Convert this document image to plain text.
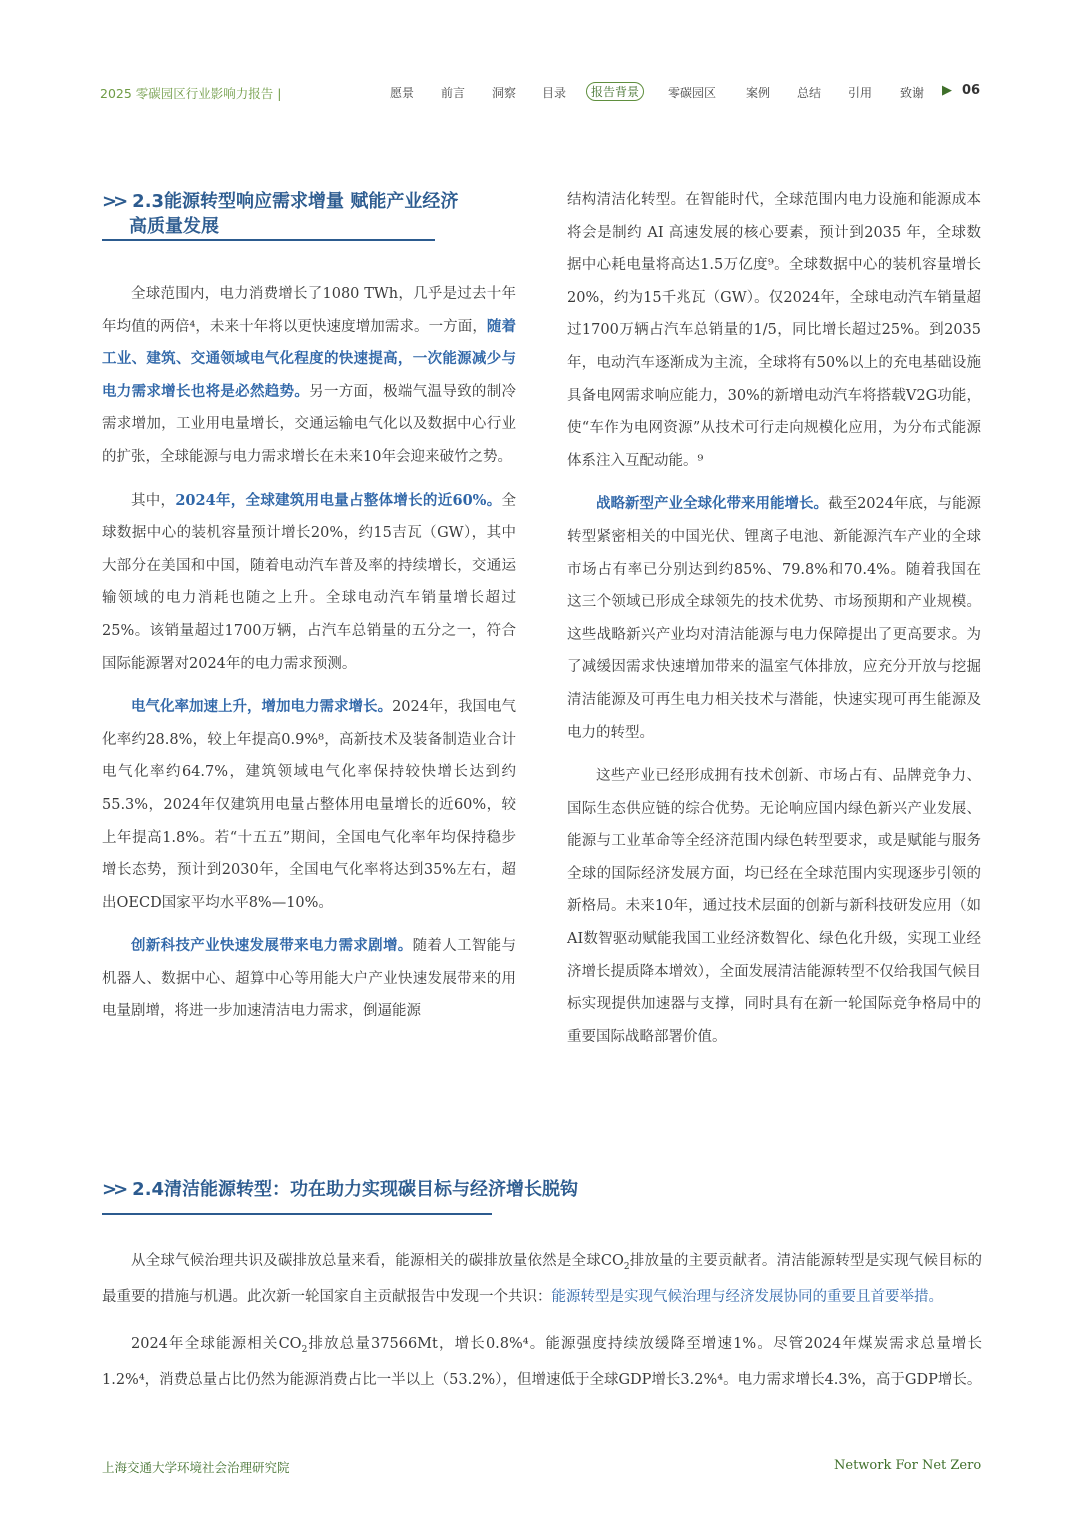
2025 零碳园区行业影响力报告 |	愿景 前言 洞察 目录	报告背景	零碳园区 案例 总结 引用 致谢 ▶ 06
>> 2.3能源转型响应需求增量 赋能产业经济
高质量发展

全球范围内，电力消费增长了1080 TWh，几乎是过去十年年均值的两倍⁴，未来十年将以更快速度增加需求。一方面，随着工业、建筑、交通领域电气化程度的快速提高，一次能源减少与电力需求增长也将是必然趋势。另一方面，极端气温导致的制冷需求增加，工业用电量增长，交通运输电气化以及数据中心行业的扩张，全球能源与电力需求增长在未来10年会迎来破竹之势。

其中，2024年，全球建筑用电量占整体增长的近60%。全球数据中心的装机容量预计增长20%，约15吉瓦（GW），其中大部分在美国和中国，随着电动汽车普及率的持续增长，交通运输领域的电力消耗也随之上升。全球电动汽车销量增长超过25%。该销量超过1700万辆，占汽车总销量的五分之一，符合国际能源署对2024年的电力需求预测。

电气化率加速上升，增加电力需求增长。2024年，我国电气化率约28.8%，较上年提高0.9%⁸，高新技术及装备制造业合计电气化率约64.7%，建筑领域电气化率保持较快增长达到约55.3%，2024年仅建筑用电量占整体用电量增长的近60%，较上年提高1.8%。若“十五五”期间，全国电气化率年均保持稳步增长态势，预计到2030年，全国电气化率将达到35%左右，超出OECD国家平均水平8%—10%。

创新科技产业快速发展带来电力需求剧增。随着人工智能与机器人、数据中心、超算中心等用能大户产业快速发展带来的用电量剧增，将进一步加速清洁电力需求，倒逼能源

结构清洁化转型。在智能时代，全球范围内电力设施和能源成本将会是制约 AI 高速发展的核心要素，预计到2035 年，全球数据中心耗电量将高达1.5万亿度⁹。全球数据中心的装机容量增长20%，约为15千兆瓦（GW）。仅2024年，全球电动汽车销量超过1700万辆占汽车总销量的1/5，同比增长超过25%。到2035年，电动汽车逐渐成为主流，全球将有50%以上的充电基础设施具备电网需求响应能力，30%的新增电动汽车将搭载V2G功能，使“车作为电网资源”从技术可行走向规模化应用，为分布式能源体系注入互配动能。⁹

战略新型产业全球化带来用能增长。截至2024年底，与能源转型紧密相关的中国光伏、锂离子电池、新能源汽车产业的全球市场占有率已分别达到约85%、79.8%和70.4%。随着我国在这三个领域已形成全球领先的技术优势、市场预期和产业规模。这些战略新兴产业均对清洁能源与电力保障提出了更高要求。为了减缓因需求快速增加带来的温室气体排放，应充分开放与挖掘清洁能源及可再生电力相关技术与潜能，快速实现可再生能源及电力的转型。

这些产业已经形成拥有技术创新、市场占有、品牌竞争力、国际生态供应链的综合优势。无论响应国内绿色新兴产业发展、能源与工业革命等全经济范围内绿色转型要求，或是赋能与服务全球的国际经济发展方面，均已经在全球范围内实现逐步引领的新格局。未来10年，通过技术层面的创新与新科技研发应用（如AI数智驱动赋能我国工业经济数智化、绿色化升级，实现工业经济增长提质降本增效），全面发展清洁能源转型不仅给我国气候目标实现提供加速器与支撑，同时具有在新一轮国际竞争格局中的重要国际战略部署价值。

>> 2.4清洁能源转型：功在助力实现碳目标与经济增长脱钩

从全球气候治理共识及碳排放总量来看，能源相关的碳排放量依然是全球$CO_2$排放量的主要贡献者。清洁能源转型是实现气候目标的最重要的措施与机遇。此次新一轮国家自主贡献报告中发现一个共识：能源转型是实现气候治理与经济发展协同的重要且首要举措。

2024年全球能源相关$CO_2$排放总量37566Mt，增长0.8%⁴。能源强度持续放缓降至增速1%。尽管2024年煤炭需求总量增长1.2%⁴，消费总量占比仍然为能源消费占比一半以上（53.2%），但增速低于全球GDP增长3.2%⁴。电力需求增长4.3%，高于GDP增长。

上海交通大学环境社会治理研究院	Network For Net Zero
